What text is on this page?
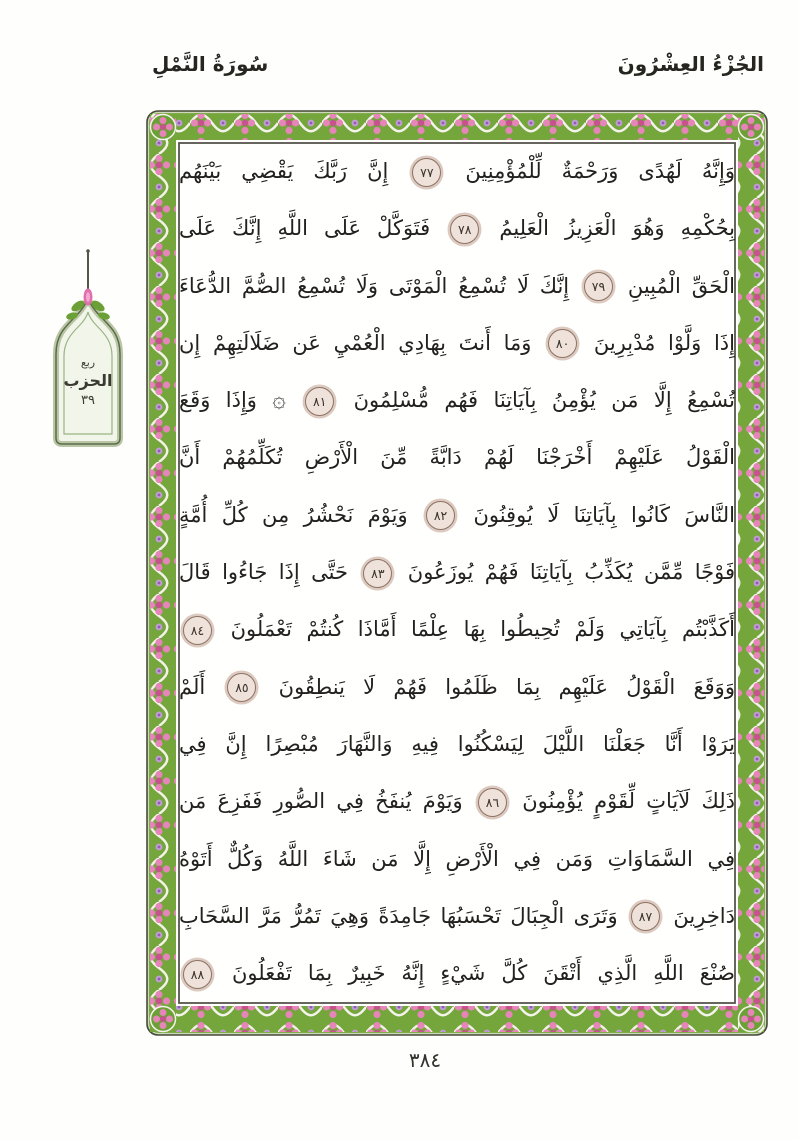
الجُزْءُ العِشْرُونَ
سُورَةُ النَّمْلِ
وَإِنَّهُ لَهُدًى وَرَحْمَةٌ لِّلْمُؤْمِنِينَ ٧٧ إِنَّ رَبَّكَ يَقْضِي بَيْنَهُم
بِحُكْمِهِ وَهُوَ الْعَزِيزُ الْعَلِيمُ ٧٨ فَتَوَكَّلْ عَلَى اللَّهِ إِنَّكَ عَلَى
الْحَقِّ الْمُبِينِ ٧٩ إِنَّكَ لَا تُسْمِعُ الْمَوْتَى وَلَا تُسْمِعُ الصُّمَّ الدُّعَاءَ
إِذَا وَلَّوْا مُدْبِرِينَ ٨٠ وَمَا أَنتَ بِهَادِي الْعُمْيِ عَن ضَلَالَتِهِمْ إِن
تُسْمِعُ إِلَّا مَن يُؤْمِنُ بِآيَاتِنَا فَهُم مُّسْلِمُونَ ٨١ ۞ وَإِذَا وَقَعَ
الْقَوْلُ عَلَيْهِمْ أَخْرَجْنَا لَهُمْ دَابَّةً مِّنَ الْأَرْضِ تُكَلِّمُهُمْ أَنَّ
النَّاسَ كَانُوا بِآيَاتِنَا لَا يُوقِنُونَ ٨٢ وَيَوْمَ نَحْشُرُ مِن كُلِّ أُمَّةٍ
فَوْجًا مِّمَّن يُكَذِّبُ بِآيَاتِنَا فَهُمْ يُوزَعُونَ ٨٣ حَتَّى إِذَا جَاءُوا قَالَ
أَكَذَّبْتُم بِآيَاتِي وَلَمْ تُحِيطُوا بِهَا عِلْمًا أَمَّاذَا كُنتُمْ تَعْمَلُونَ ٨٤
وَوَقَعَ الْقَوْلُ عَلَيْهِم بِمَا ظَلَمُوا فَهُمْ لَا يَنطِقُونَ ٨٥ أَلَمْ
يَرَوْا أَنَّا جَعَلْنَا اللَّيْلَ لِيَسْكُنُوا فِيهِ وَالنَّهَارَ مُبْصِرًا إِنَّ فِي
ذَلِكَ لَآيَاتٍ لِّقَوْمٍ يُؤْمِنُونَ ٨٦ وَيَوْمَ يُنفَخُ فِي الصُّورِ فَفَزِعَ مَن
فِي السَّمَاوَاتِ وَمَن فِي الْأَرْضِ إِلَّا مَن شَاءَ اللَّهُ وَكُلٌّ أَتَوْهُ
دَاخِرِينَ ٨٧ وَتَرَى الْجِبَالَ تَحْسَبُهَا جَامِدَةً وَهِيَ تَمُرُّ مَرَّ السَّحَابِ
صُنْعَ اللَّهِ الَّذِي أَتْقَنَ كُلَّ شَيْءٍ إِنَّهُ خَبِيرٌ بِمَا تَفْعَلُونَ ٨٨
ربع
الحزب
٣٩
٣٨٤
